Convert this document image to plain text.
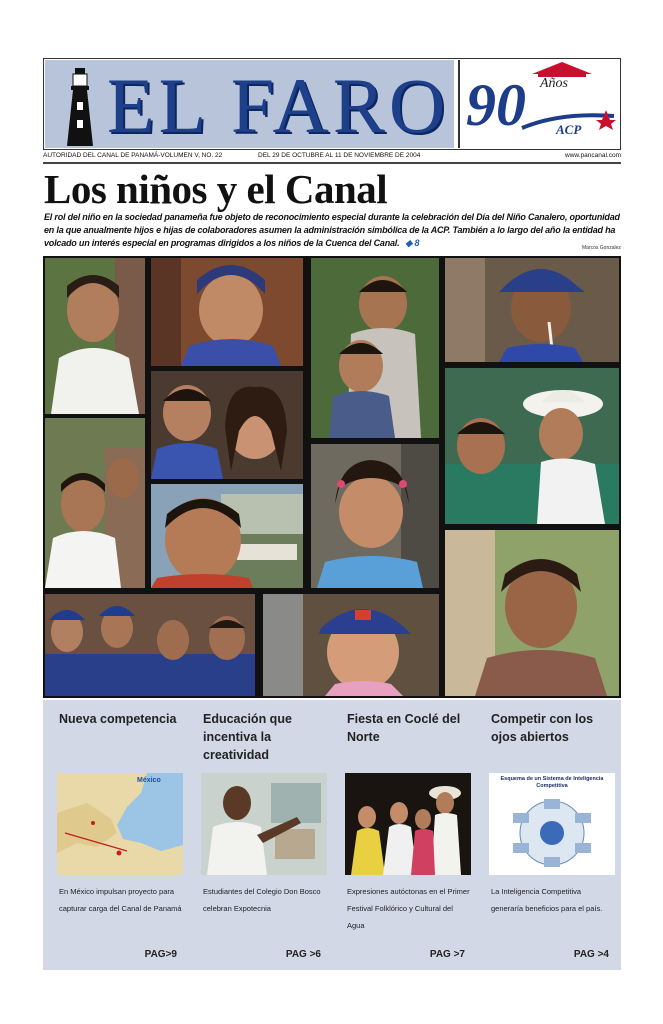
EL FARO 90 Años
ACP
AUTORIDAD DEL CANAL DE PANAMÁ-VOLUMEN V, NO. 22	DEL 29 DE OCTUBRE AL 11 DE NOVIEMBRE DE 2004	www.pancanal.com
Los niños y el Canal
El rol del niño en la sociedad panameña fue objeto de reconocimiento especial durante la celebración del Día del Niño Canalero, oportunidad en la que anualmente hijos e hijas de colaboradores asumen la administración simbólica de la ACP. También a lo largo del año la entidad ha volcado un interés especial en programas dirigidos a los niños de la Cuenca del Canal. ◆ 8	Marcos Gonzalez
Nueva competencia
México
En México impulsan proyecto para capturar carga del Canal de Panamá
PAG>9
Educación que incentiva la creatividad
Estudiantes del Colegio Don Bosco celebran Expotecnia
PAG >6
Fiesta en Coclé del Norte
Expresiones autóctonas en el Primer Festival Folklórico y Cultural del Agua
PAG >7
Competir con los ojos abiertos
Esquema de un Sistema de Inteligencia Competitiva
La Inteligencia Competitiva generaría beneficios para el país.
PAG >4
